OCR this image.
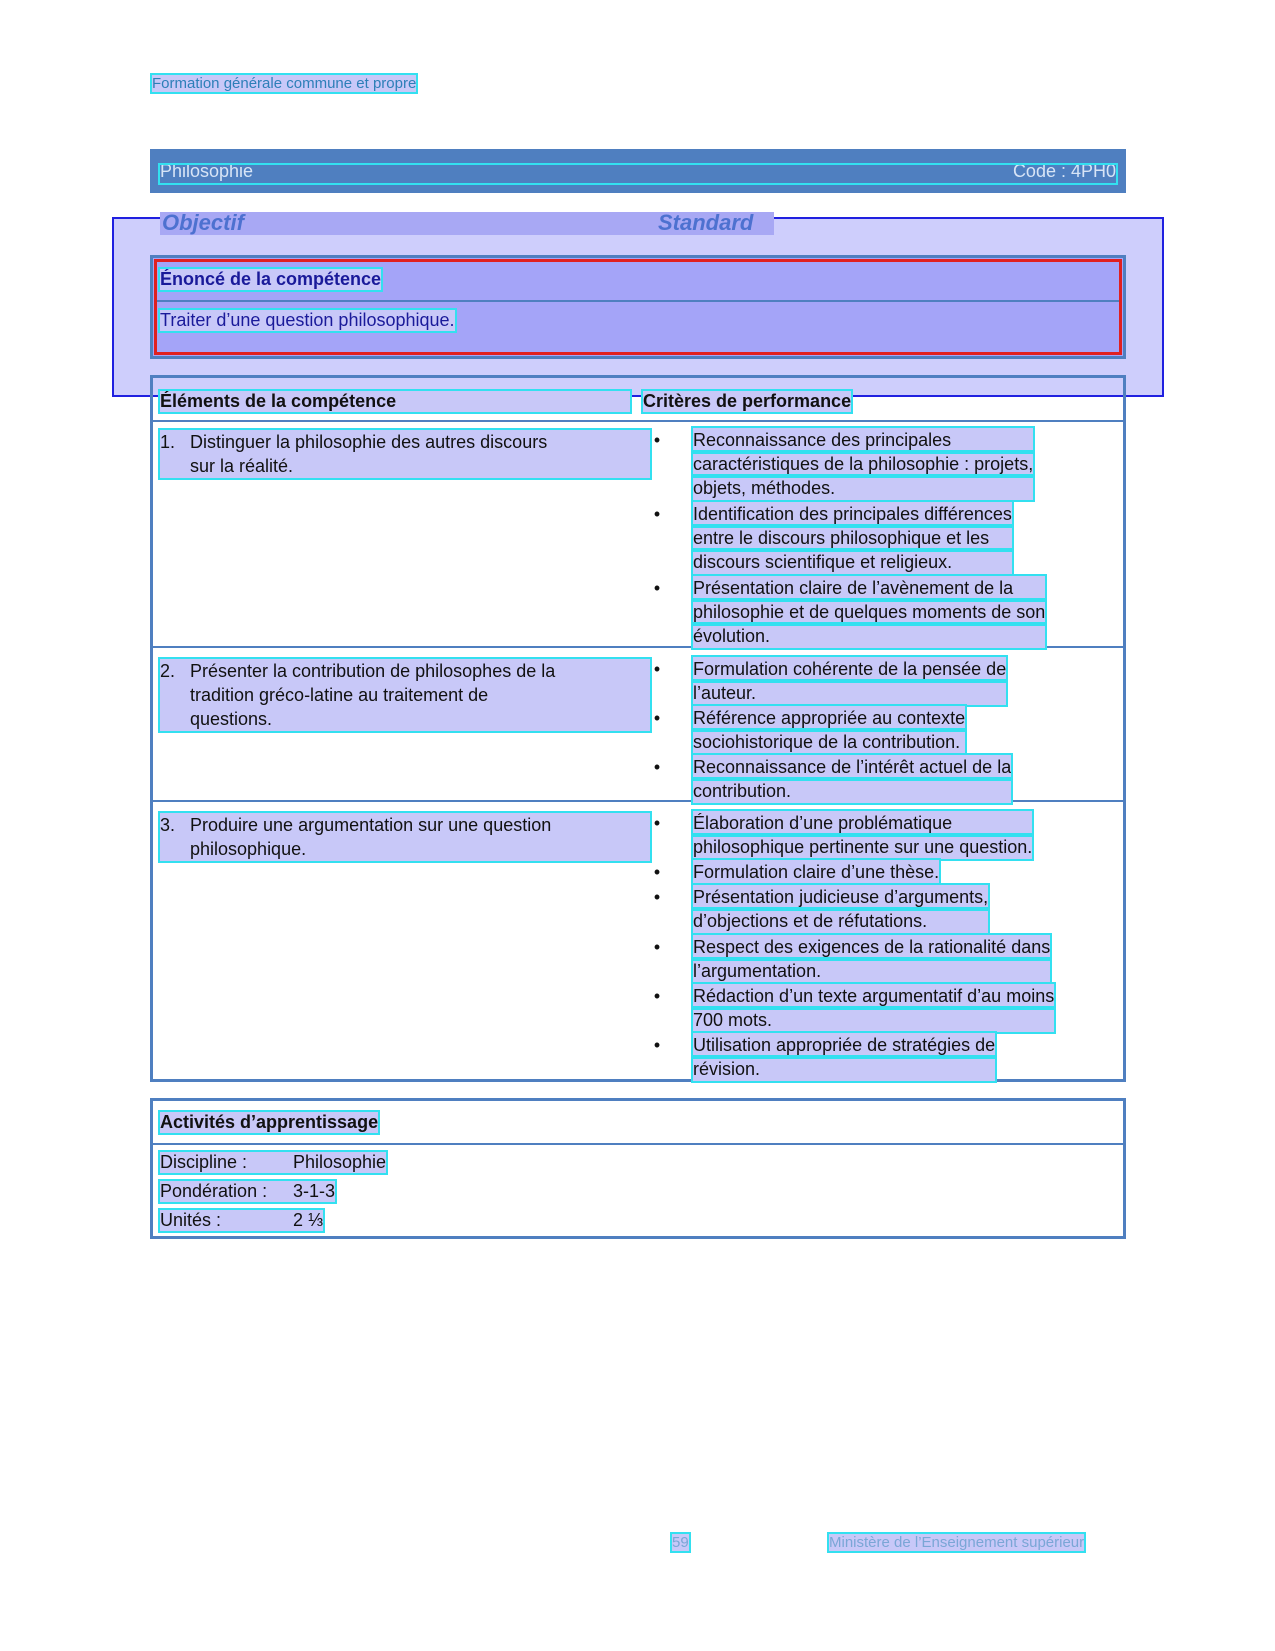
Formation générale commune et propre
Philosophie	Code : 4PH0
Objectif	Standard
Énoncé de la compétence
Traiter d’une question philosophique.
Éléments de la compétence	Critères de performance
1. Distinguer la philosophie des autres discours
sur la réalité.
• Reconnaissance des principales
caractéristiques de la philosophie : projets,
objets, méthodes.
• Identification des principales différences
entre le discours philosophique et les
discours scientifique et religieux.
• Présentation claire de l’avènement de la
philosophie et de quelques moments de son
évolution.
2. Présenter la contribution de philosophes de la
tradition gréco-latine au traitement de
questions.
• Formulation cohérente de la pensée de
l’auteur.
• Référence appropriée au contexte
sociohistorique de la contribution.
• Reconnaissance de l’intérêt actuel de la
contribution.
3. Produire une argumentation sur une question
philosophique.
• Élaboration d’une problématique
philosophique pertinente sur une question.
• Formulation claire d’une thèse.
• Présentation judicieuse d’arguments,
d’objections et de réfutations.
• Respect des exigences de la rationalité dans
l’argumentation.
• Rédaction d’un texte argumentatif d’au moins
700 mots.
• Utilisation appropriée de stratégies de
révision.
Activités d’apprentissage
Discipline :	Philosophie
Pondération : 3-1-3
Unités :	2 ⅓
59	Ministère de l’Enseignement supérieur
